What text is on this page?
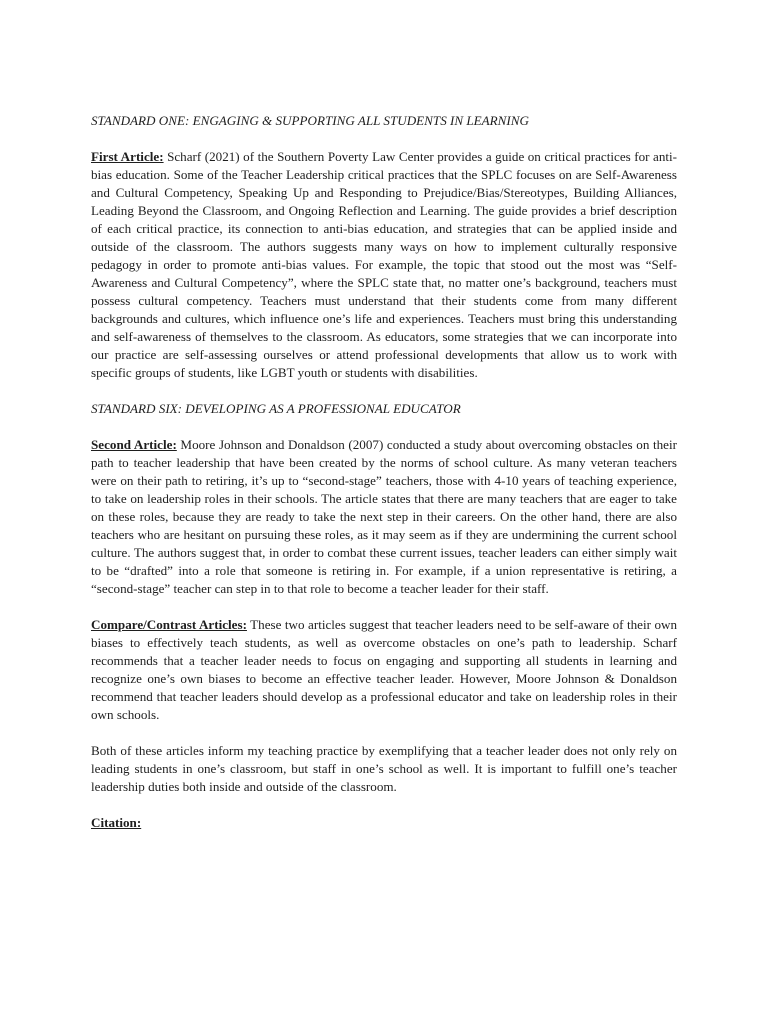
STANDARD ONE: ENGAGING & SUPPORTING ALL STUDENTS IN LEARNING

First Article: Scharf (2021) of the Southern Poverty Law Center provides a guide on critical practices for anti-bias education. Some of the Teacher Leadership critical practices that the SPLC focuses on are Self-Awareness and Cultural Competency, Speaking Up and Responding to Prejudice/Bias/Stereotypes, Building Alliances, Leading Beyond the Classroom, and Ongoing Reflection and Learning. The guide provides a brief description of each critical practice, its connection to anti-bias education, and strategies that can be applied inside and outside of the classroom. The authors suggests many ways on how to implement culturally responsive pedagogy in order to promote anti-bias values. For example, the topic that stood out the most was “Self-Awareness and Cultural Competency”, where the SPLC state that, no matter one’s background, teachers must possess cultural competency. Teachers must understand that their students come from many different backgrounds and cultures, which influence one’s life and experiences. Teachers must bring this understanding and self-awareness of themselves to the classroom. As educators, some strategies that we can incorporate into our practice are self-assessing ourselves or attend professional developments that allow us to work with specific groups of students, like LGBT youth or students with disabilities.

STANDARD SIX: DEVELOPING AS A PROFESSIONAL EDUCATOR

Second Article: Moore Johnson and Donaldson (2007) conducted a study about overcoming obstacles on their path to teacher leadership that have been created by the norms of school culture. As many veteran teachers were on their path to retiring, it’s up to “second-stage” teachers, those with 4-10 years of teaching experience, to take on leadership roles in their schools. The article states that there are many teachers that are eager to take on these roles, because they are ready to take the next step in their careers. On the other hand, there are also teachers who are hesitant on pursuing these roles, as it may seem as if they are undermining the current school culture. The authors suggest that, in order to combat these current issues, teacher leaders can either simply wait to be “drafted” into a role that someone is retiring in. For example, if a union representative is retiring, a “second-stage” teacher can step in to that role to become a teacher leader for their staff.

Compare/Contrast Articles: These two articles suggest that teacher leaders need to be self-aware of their own biases to effectively teach students, as well as overcome obstacles on one’s path to leadership. Scharf recommends that a teacher leader needs to focus on engaging and supporting all students in learning and recognize one’s own biases to become an effective teacher leader. However, Moore Johnson & Donaldson recommend that teacher leaders should develop as a professional educator and take on leadership roles in their own schools.

Both of these articles inform my teaching practice by exemplifying that a teacher leader does not only rely on leading students in one’s classroom, but staff in one’s school as well. It is important to fulfill one’s teacher leadership duties both inside and outside of the classroom.

Citation:
